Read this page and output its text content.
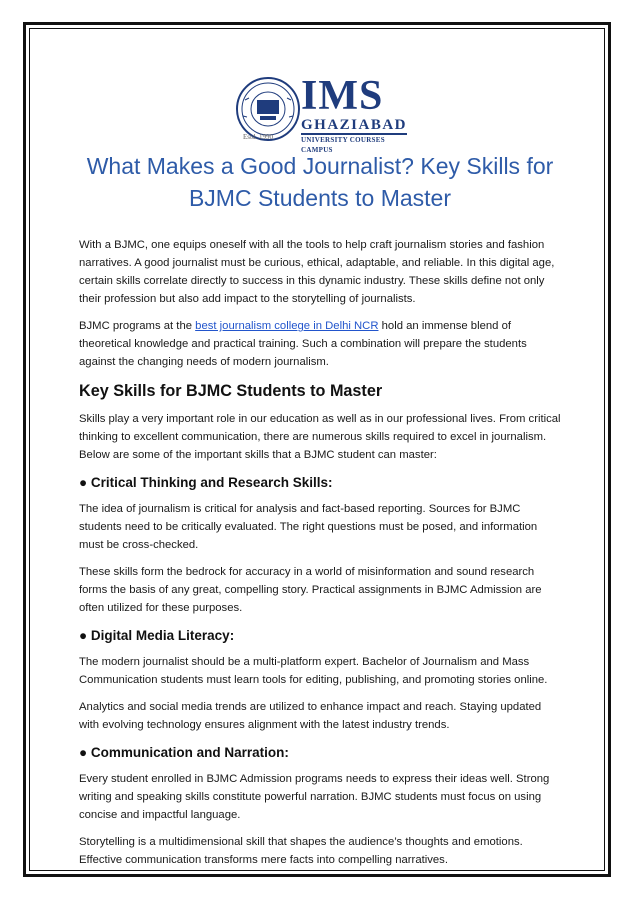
IMS
GHAZIABAD
UNIVERSITY COURSES CAMPUS
Estd. 1990
What Makes a Good Journalist? Key Skills for BJMC Students to Master

With a BJMC, one equips oneself with all the tools to help craft journalism stories and fashion narratives. A good journalist must be curious, ethical, adaptable, and reliable. In this digital age, certain skills correlate directly to success in this dynamic industry. These skills define not only their profession but also add impact to the storytelling of journalists.

BJMC programs at the best journalism college in Delhi NCR hold an immense blend of theoretical knowledge and practical training. Such a combination will prepare the students against the changing needs of modern journalism.

Key Skills for BJMC Students to Master

Skills play a very important role in our education as well as in our professional lives. From critical thinking to excellent communication, there are numerous skills required to excel in journalism. Below are some of the important skills that a BJMC student can master:

● Critical Thinking and Research Skills:

The idea of journalism is critical for analysis and fact-based reporting. Sources for BJMC students need to be critically evaluated. The right questions must be posed, and information must be cross-checked.

These skills form the bedrock for accuracy in a world of misinformation and sound research forms the basis of any great, compelling story. Practical assignments in BJMC Admission are often utilized for these purposes.

● Digital Media Literacy:

The modern journalist should be a multi-platform expert. Bachelor of Journalism and Mass Communication students must learn tools for editing, publishing, and promoting stories online.

Analytics and social media trends are utilized to enhance impact and reach. Staying updated with evolving technology ensures alignment with the latest industry trends.

● Communication and Narration:

Every student enrolled in BJMC Admission programs needs to express their ideas well. Strong writing and speaking skills constitute powerful narration. BJMC students must focus on using concise and impactful language.

Storytelling is a multidimensional skill that shapes the audience’s thoughts and emotions. Effective communication transforms mere facts into compelling narratives.
